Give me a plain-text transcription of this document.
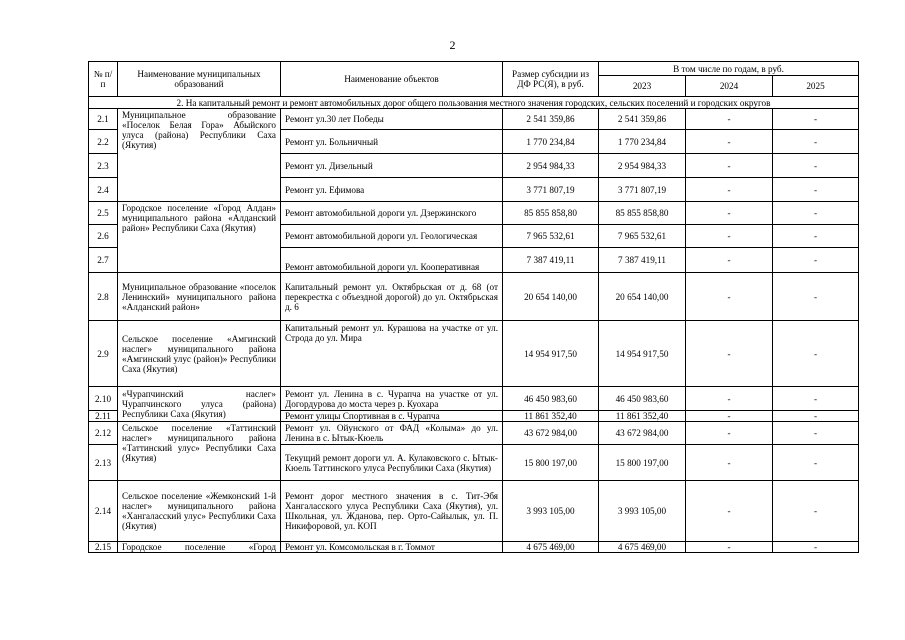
2
№ п/п	Наименование муниципальных образований	Наименование объектов	Размер субсидии из ДФ РС(Я), в руб.	В том числе по годам, в руб.		
				2023	2024	2025
2. На капитальный ремонт и ремонт автомобильных дорог общего пользования местного значения городских, сельских поселений и городских округов						
2.1	Муниципальное образование «Поселок Белая Гора» Абыйского улуса (района) Республики Саха (Якутия)	Ремонт ул.30 лет Победы	2 541 359,86	2 541 359,86	-	-
2.2		Ремонт ул. Больничный	1 770 234,84	1 770 234,84	-	-
2.3		Ремонт ул. Дизельный	2 954 984,33	2 954 984,33	-	-
2.4		Ремонт ул. Ефимова	3 771 807,19	3 771 807,19	-	-
2.5	Городское поселение «Город Алдан» муниципального района «Алданский район» Республики Саха (Якутия)	Ремонт автомобильной дороги ул. Дзержинского	85 855 858,80	85 855 858,80	-	-
2.6		Ремонт автомобильной дороги ул. Геологическая	7 965 532,61	7 965 532,61	-	-
2.7		Ремонт автомобильной дороги ул. Кооперативная	7 387 419,11	7 387 419,11	-	-
2.8	Муниципальное образование «поселок Ленинский» муниципального района «Алданский район»	Капитальный ремонт ул. Октябрьская от д. 68 (от перекрестка с объездной дорогой) до ул. Октябрьская д. 6	20 654 140,00	20 654 140,00	-	-
2.9	Сельское поселение «Амгинский наслег» муниципального района «Амгинский улус (район)» Республики Саха (Якутия)	Капитальный ремонт ул. Курашова на участке от ул. Строда до ул. Мира	14 954 917,50	14 954 917,50	-	-
2.10	«Чурапчинский наслег» Чурапчинского улуса (района) Республики Саха (Якутия)	Ремонт ул. Ленина в с. Чурапча на участке от ул. Догордурова до моста через р. Куохара	46 450 983,60	46 450 983,60	-	-
2.11		Ремонт улицы Спортивная в с. Чурапча	11 861 352,40	11 861 352,40	-	-
2.12	Сельское поселение «Таттинский наслег» муниципального района «Таттинский улус» Республики Саха (Якутия)	Ремонт ул. Ойунского от ФАД «Колыма» до ул. Ленина в с. Ытык-Кюель	43 672 984,00	43 672 984,00	-	-
2.13		Текущий ремонт дороги ул. А. Кулаковского с. Ытык-Кюель Таттинского улуса Республики Саха (Якутия)	15 800 197,00	15 800 197,00	-	-
2.14	Сельское поселение «Жемконский 1-й наслег» муниципального района «Хангаласский улус» Республики Саха (Якутия)	Ремонт дорог местного значения в с. Тит-Эбя Хангаласского улуса Республики Саха (Якутия), ул. Школьная, ул. Жданова, пер. Орто-Сайылык, ул. П. Никифоровой, ул. КОП	3 993 105,00	3 993 105,00	-	-
2.15	Городское поселение «Город	Ремонт ул. Комсомольская в г. Томмот	4 675 469,00	4 675 469,00	-	-
